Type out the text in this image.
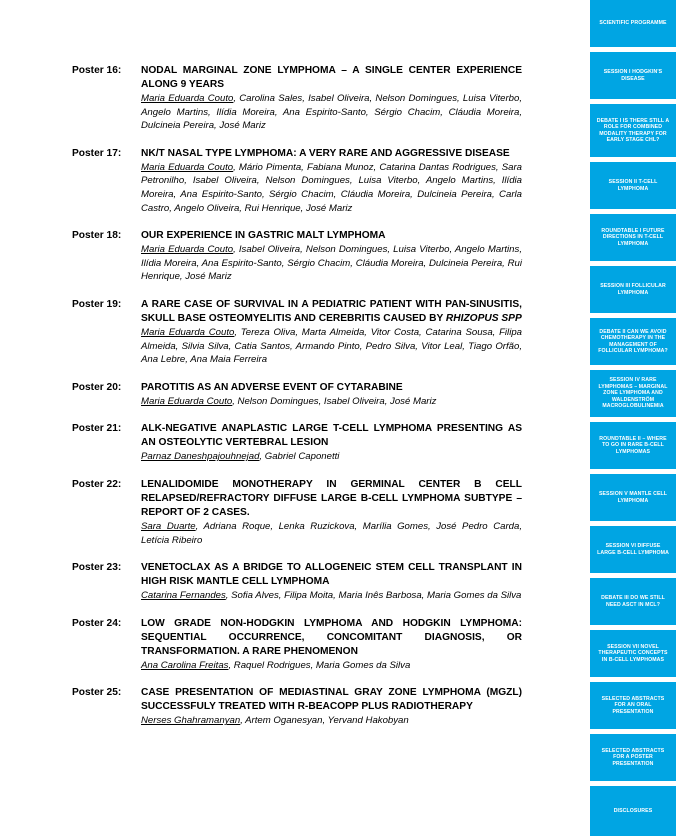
Poster 16:	NODAL MARGINAL ZONE LYMPHOMA – A SINGLE CENTER EXPERIENCE ALONG 9 YEARS
Maria Eduarda Couto, Carolina Sales, Isabel Oliveira, Nelson Domingues, Luisa Viterbo, Angelo Martins, Ilídia Moreira, Ana Espirito-Santo, Sérgio Chacim, Cláudia Moreira, Dulcineia Pereira, José Mariz
Poster 17:	NK/T NASAL TYPE LYMPHOMA: A VERY RARE AND AGGRESSIVE DISEASE
Maria Eduarda Couto, Mário Pimenta, Fabiana Munoz, Catarina Dantas Rodrigues, Sara Petronilho, Isabel Oliveira, Nelson Domingues, Luisa Viterbo, Angelo Martins, Ilídia Moreira, Ana Espirito-Santo, Sérgio Chacim, Cláudia Moreira, Dulcineia Pereira, Carla Castro, Angelo Oliveira, Rui Henrique, José Mariz
Poster 18:	OUR EXPERIENCE IN GASTRIC MALT LYMPHOMA
Maria Eduarda Couto, Isabel Oliveira, Nelson Domingues, Luisa Viterbo, Angelo Martins, Ilídia Moreira, Ana Espirito-Santo, Sérgio Chacim, Cláudia Moreira, Dulcineia Pereira, Rui Henrique, José Mariz
Poster 19:	A RARE CASE OF SURVIVAL IN A PEDIATRIC PATIENT WITH PAN-SINUSITIS, SKULL BASE OSTEOMYELITIS AND CEREBRITIS CAUSED BY RHIZOPUS SPP
Maria Eduarda Couto, Tereza Oliva, Marta Almeida, Vitor Costa, Catarina Sousa, Filipa Almeida, Silvia Silva, Catia Santos, Armando Pinto, Pedro Silva, Vitor Leal, Tiago Orfão, Ana Lebre, Ana Maia Ferreira
Poster 20:	PAROTITIS AS AN ADVERSE EVENT OF CYTARABINE
Maria Eduarda Couto, Nelson Domingues, Isabel Oliveira, José Mariz
Poster 21:	ALK-NEGATIVE ANAPLASTIC LARGE T-CELL LYMPHOMA PRESENTING AS AN OSTEOLYTIC VERTEBRAL LESION
Parnaz Daneshpajouhnejad, Gabriel Caponetti
Poster 22:	LENALIDOMIDE MONOTHERAPY IN GERMINAL CENTER B CELL RELAPSED/REFRACTORY DIFFUSE LARGE B-CELL LYMPHOMA SUBTYPE – REPORT OF 2 CASES.
Sara Duarte, Adriana Roque, Lenka Ruzickova, Marília Gomes, José Pedro Carda, Letícia Ribeiro
Poster 23:	VENETOCLAX AS A BRIDGE TO ALLOGENEIC STEM CELL TRANSPLANT IN HIGH RISK MANTLE CELL LYMPHOMA
Catarina Fernandes, Sofia Alves, Filipa Moita, Maria Inês Barbosa, Maria Gomes da Silva
Poster 24:	LOW GRADE NON-HODGKIN LYMPHOMA AND HODGKIN LYMPHOMA: SEQUENTIAL OCCURRENCE, CONCOMITANT DIAGNOSIS, OR TRANSFORMATION. A RARE PHENOMENON
Ana Carolina Freitas, Raquel Rodrigues, Maria Gomes da Silva
Poster 25:	CASE PRESENTATION OF MEDIASTINAL GRAY ZONE LYMPHOMA (MGZL) SUCCESSFULY TREATED WITH R-BEACOPP PLUS RADIOTHERAPY
Nerses Ghahramanyan, Artem Oganesyan, Yervand Hakobyan
SCIENTIFIC PROGRAMME
SESSION I HODGKIN'S DISEASE
DEBATE I IS THERE STILL A ROLE FOR COMBINED MODALITY THERAPY FOR EARLY STAGE CHL?
SESSION II T-CELL LYMPHOMA
ROUNDTABLE I FUTURE DIRECTIONS IN T-CELL LYMPHOMA
SESSION III FOLLICULAR LYMPHOMA
DEBATE II CAN WE AVOID CHEMOTHERAPY IN THE MANAGEMENT OF FOLLICULAR LYMPHOMA?
SESSION IV RARE LYMPHOMAS – MARGINAL ZONE LYMPHOMA AND WALDENSTRÖM MACROGLOBULINEMIA
ROUNDTABLE II – WHERE TO GO IN RARE B-CELL LYMPHOMAS
SESSION V MANTLE CELL LYMPHOMA
SESSION VI DIFFUSE LARGE B-CELL LYMPHOMA
DEBATE III DO WE STILL NEED ASCT IN MCL?
SESSION VII NOVEL THERAPEUTIC CONCEPTS IN B-CELL LYMPHOMAS
SELECTED ABSTRACTS FOR AN ORAL PRESENTATION
SELECTED ABSTRACTS FOR A POSTER PRESENTATION
DISCLOSURES
